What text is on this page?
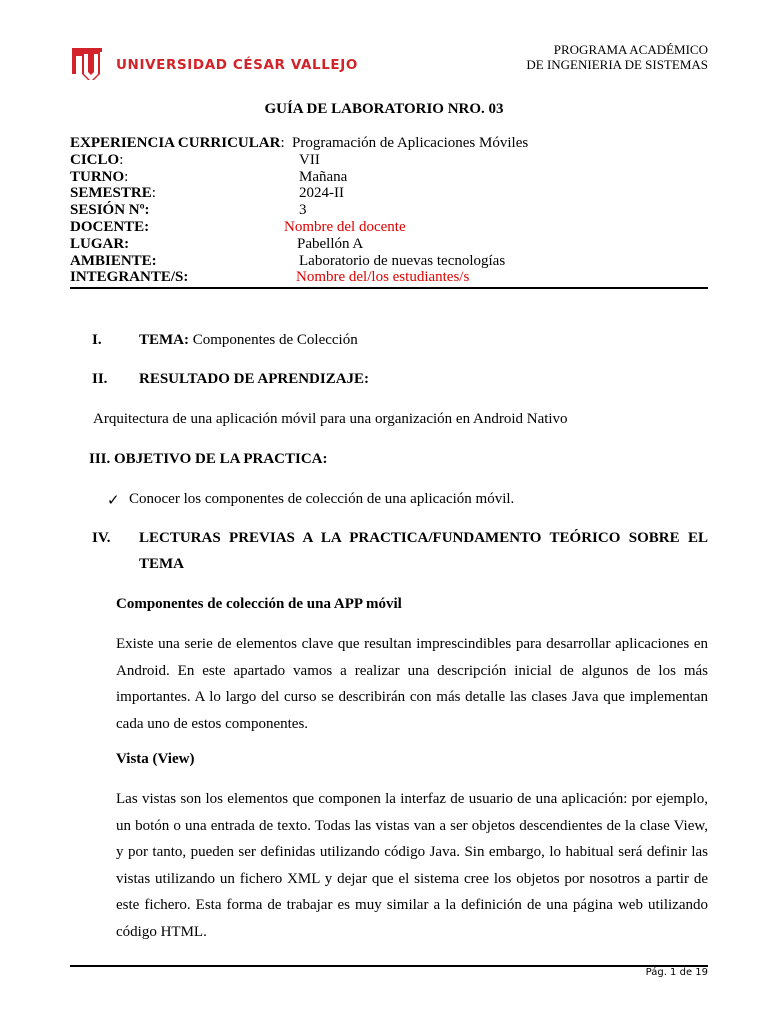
UNIVERSIDAD CÉSAR VALLEJO
PROGRAMA ACADÉMICO
DE INGENIERIA DE SISTEMAS
GUÍA DE LABORATORIO NRO. 03
EXPERIENCIA CURRICULAR: Programación de Aplicaciones Móviles
CICLO:	VII
TURNO:	Mañana
SEMESTRE:	2024-II
SESIÓN Nº:	3
DOCENTE:	Nombre del docente
LUGAR:	Pabellón A
AMBIENTE:	Laboratorio de nuevas tecnologías
INTEGRANTE/S:	Nombre del/los estudiantes/s
I. TEMA: Componentes de Colección
II. RESULTADO DE APRENDIZAJE:
Arquitectura de una aplicación móvil para una organización en Android Nativo
III. OBJETIVO DE LA PRACTICA:
✓ Conocer los componentes de colección de una aplicación móvil.
IV. LECTURAS PREVIAS A LA PRACTICA/FUNDAMENTO TEÓRICO SOBRE EL
TEMA
Componentes de colección de una APP móvil
Existe una serie de elementos clave que resultan imprescindibles para desarrollar aplicaciones en Android. En este apartado vamos a realizar una descripción inicial de algunos de los más importantes. A lo largo del curso se describirán con más detalle las clases Java que implementan cada uno de estos componentes.
Vista (View)
Las vistas son los elementos que componen la interfaz de usuario de una aplicación: por ejemplo, un botón o una entrada de texto. Todas las vistas van a ser objetos descendientes de la clase View, y por tanto, pueden ser definidas utilizando código Java. Sin embargo, lo habitual será definir las vistas utilizando un fichero XML y dejar que el sistema cree los objetos por nosotros a partir de este fichero. Esta forma de trabajar es muy similar a la definición de una página web utilizando código HTML.
Pág. 1 de 19
